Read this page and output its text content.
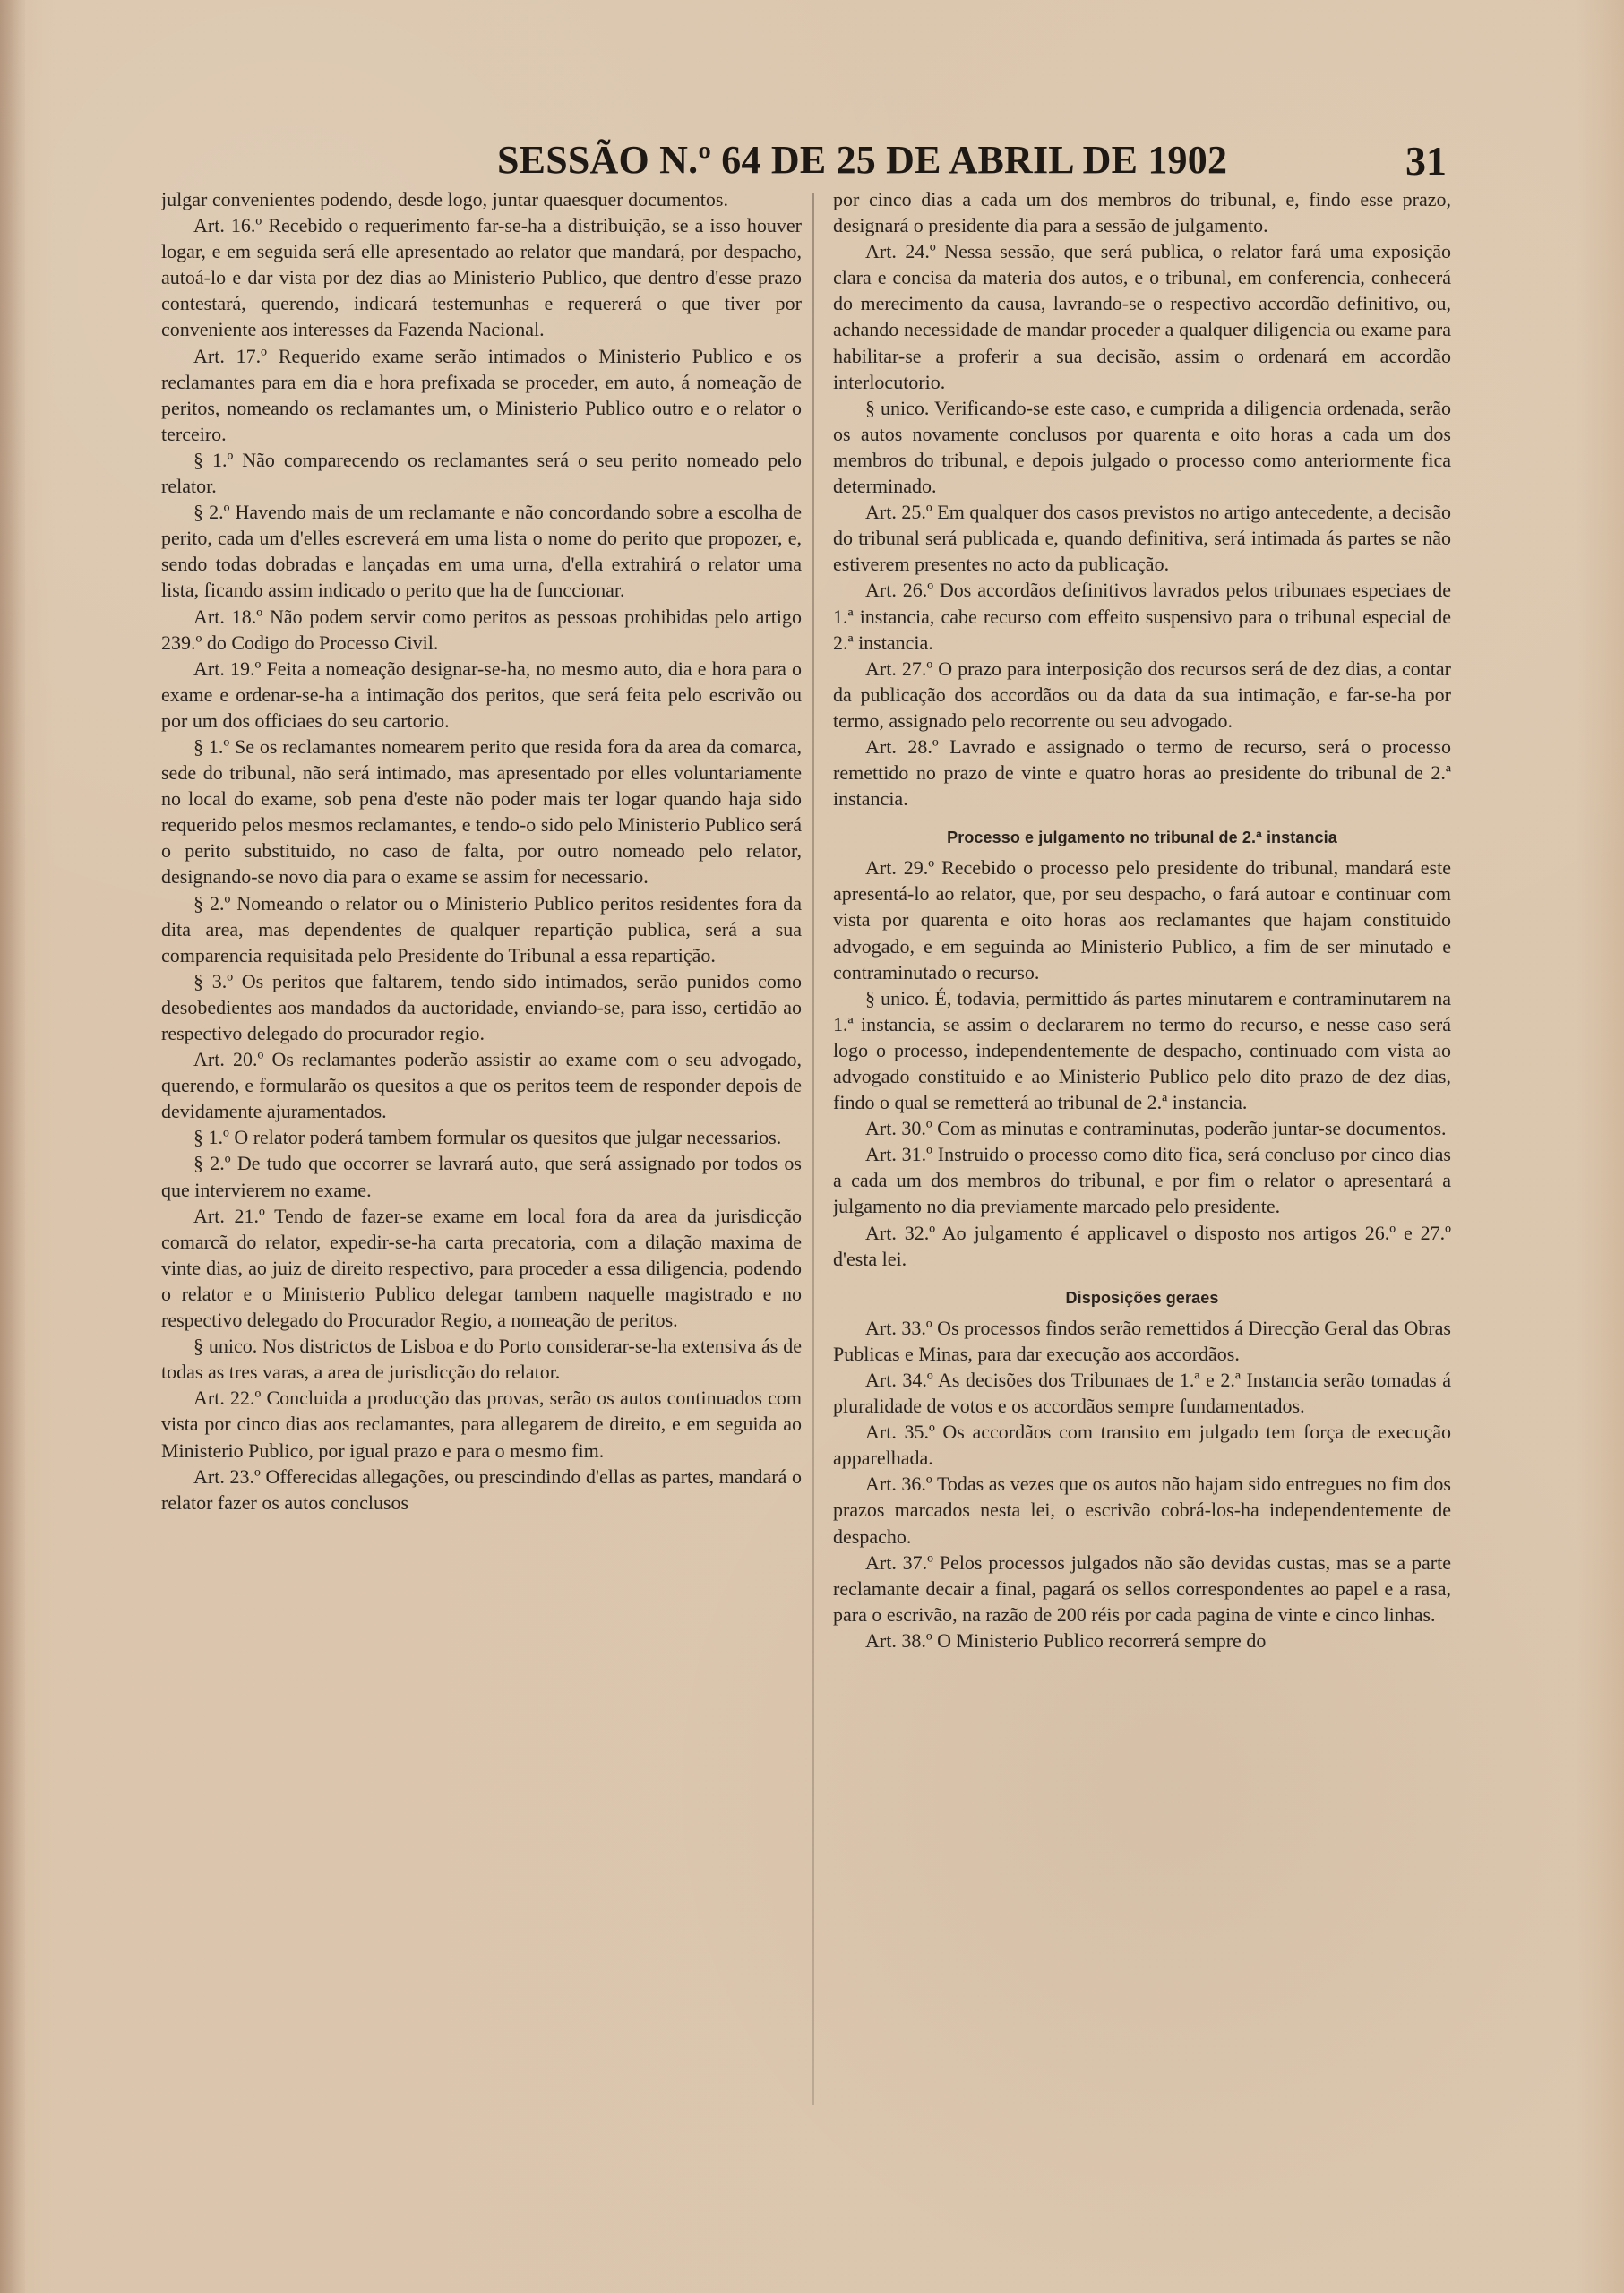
SESSÃO N.º 64 DE 25 DE ABRIL DE 1902	31

julgar convenientes podendo, desde logo, juntar quaesquer documentos.

Art. 16.º Recebido o requerimento far-se-ha a distribuição, se a isso houver logar, e em seguida será elle apresentado ao relator que mandará, por despacho, autoá-lo e dar vista por dez dias ao Ministerio Publico, que dentro d'esse prazo contestará, querendo, indicará testemunhas e requererá o que tiver por conveniente aos interesses da Fazenda Nacional.

Art. 17.º Requerido exame serão intimados o Ministerio Publico e os reclamantes para em dia e hora prefixada se proceder, em auto, á nomeação de peritos, nomeando os reclamantes um, o Ministerio Publico outro e o relator o terceiro.

§ 1.º Não comparecendo os reclamantes será o seu perito nomeado pelo relator.

§ 2.º Havendo mais de um reclamante e não concordando sobre a escolha de perito, cada um d'elles escreverá em uma lista o nome do perito que propozer, e, sendo todas dobradas e lançadas em uma urna, d'ella extrahirá o relator uma lista, ficando assim indicado o perito que ha de funccionar.

Art. 18.º Não podem servir como peritos as pessoas prohibidas pelo artigo 239.º do Codigo do Processo Civil.

Art. 19.º Feita a nomeação designar-se-ha, no mesmo auto, dia e hora para o exame e ordenar-se-ha a intimação dos peritos, que será feita pelo escrivão ou por um dos officiaes do seu cartorio.

§ 1.º Se os reclamantes nomearem perito que resida fora da area da comarca, sede do tribunal, não será intimado, mas apresentado por elles voluntariamente no local do exame, sob pena d'este não poder mais ter logar quando haja sido requerido pelos mesmos reclamantes, e tendo-o sido pelo Ministerio Publico será o perito substituido, no caso de falta, por outro nomeado pelo relator, designando-se novo dia para o exame se assim for necessario.

§ 2.º Nomeando o relator ou o Ministerio Publico peritos residentes fora da dita area, mas dependentes de qualquer repartição publica, será a sua comparencia requisitada pelo Presidente do Tribunal a essa repartição.

§ 3.º Os peritos que faltarem, tendo sido intimados, serão punidos como desobedientes aos mandados da auctoridade, enviando-se, para isso, certidão ao respectivo delegado do procurador regio.

Art. 20.º Os reclamantes poderão assistir ao exame com o seu advogado, querendo, e formularão os quesitos a que os peritos teem de responder depois de devidamente ajuramentados.

§ 1.º O relator poderá tambem formular os quesitos que julgar necessarios.

§ 2.º De tudo que occorrer se lavrará auto, que será assignado por todos os que intervierem no exame.

Art. 21.º Tendo de fazer-se exame em local fora da area da jurisdicção comarcã do relator, expedir-se-ha carta precatoria, com a dilação maxima de vinte dias, ao juiz de direito respectivo, para proceder a essa diligencia, podendo o relator e o Ministerio Publico delegar tambem naquelle magistrado e no respectivo delegado do Procurador Regio, a nomeação de peritos.

§ unico. Nos districtos de Lisboa e do Porto considerar-se-ha extensiva ás de todas as tres varas, a area de jurisdicção do relator.

Art. 22.º Concluida a producção das provas, serão os autos continuados com vista por cinco dias aos reclamantes, para allegarem de direito, e em seguida ao Ministerio Publico, por igual prazo e para o mesmo fim.

Art. 23.º Offerecidas allegações, ou prescindindo d'ellas as partes, mandará o relator fazer os autos conclusos

por cinco dias a cada um dos membros do tribunal, e, findo esse prazo, designará o presidente dia para a sessão de julgamento.

Art. 24.º Nessa sessão, que será publica, o relator fará uma exposição clara e concisa da materia dos autos, e o tribunal, em conferencia, conhecerá do merecimento da causa, lavrando-se o respectivo accordão definitivo, ou, achando necessidade de mandar proceder a qualquer diligencia ou exame para habilitar-se a proferir a sua decisão, assim o ordenará em accordão interlocutorio.

§ unico. Verificando-se este caso, e cumprida a diligencia ordenada, serão os autos novamente conclusos por quarenta e oito horas a cada um dos membros do tribunal, e depois julgado o processo como anteriormente fica determinado.

Art. 25.º Em qualquer dos casos previstos no artigo antecedente, a decisão do tribunal será publicada e, quando definitiva, será intimada ás partes se não estiverem presentes no acto da publicação.

Art. 26.º Dos accordãos definitivos lavrados pelos tribunaes especiaes de 1.ª instancia, cabe recurso com effeito suspensivo para o tribunal especial de 2.ª instancia.

Art. 27.º O prazo para interposição dos recursos será de dez dias, a contar da publicação dos accordãos ou da data da sua intimação, e far-se-ha por termo, assignado pelo recorrente ou seu advogado.

Art. 28.º Lavrado e assignado o termo de recurso, será o processo remettido no prazo de vinte e quatro horas ao presidente do tribunal de 2.ª instancia.

Processo e julgamento no tribunal de 2.ª instancia

Art. 29.º Recebido o processo pelo presidente do tribunal, mandará este apresentá-lo ao relator, que, por seu despacho, o fará autoar e continuar com vista por quarenta e oito horas aos reclamantes que hajam constituido advogado, e em seguinda ao Ministerio Publico, a fim de ser minutado e contraminutado o recurso.

§ unico. É, todavia, permittido ás partes minutarem e contraminutarem na 1.ª instancia, se assim o declararem no termo do recurso, e nesse caso será logo o processo, independentemente de despacho, continuado com vista ao advogado constituido e ao Ministerio Publico pelo dito prazo de dez dias, findo o qual se remetterá ao tribunal de 2.ª instancia.

Art. 30.º Com as minutas e contraminutas, poderão juntar-se documentos.

Art. 31.º Instruido o processo como dito fica, será concluso por cinco dias a cada um dos membros do tribunal, e por fim o relator o apresentará a julgamento no dia previamente marcado pelo presidente.

Art. 32.º Ao julgamento é applicavel o disposto nos artigos 26.º e 27.º d'esta lei.

Disposições geraes

Art. 33.º Os processos findos serão remettidos á Direcção Geral das Obras Publicas e Minas, para dar execução aos accordãos.

Art. 34.º As decisões dos Tribunaes de 1.ª e 2.ª Instancia serão tomadas á pluralidade de votos e os accordãos sempre fundamentados.

Art. 35.º Os accordãos com transito em julgado tem força de execução apparelhada.

Art. 36.º Todas as vezes que os autos não hajam sido entregues no fim dos prazos marcados nesta lei, o escrivão cobrá-los-ha independentemente de despacho.

Art. 37.º Pelos processos julgados não são devidas custas, mas se a parte reclamante decair a final, pagará os sellos correspondentes ao papel e a rasa, para o escrivão, na razão de 200 réis por cada pagina de vinte e cinco linhas.

Art. 38.º O Ministerio Publico recorrerá sempre do
